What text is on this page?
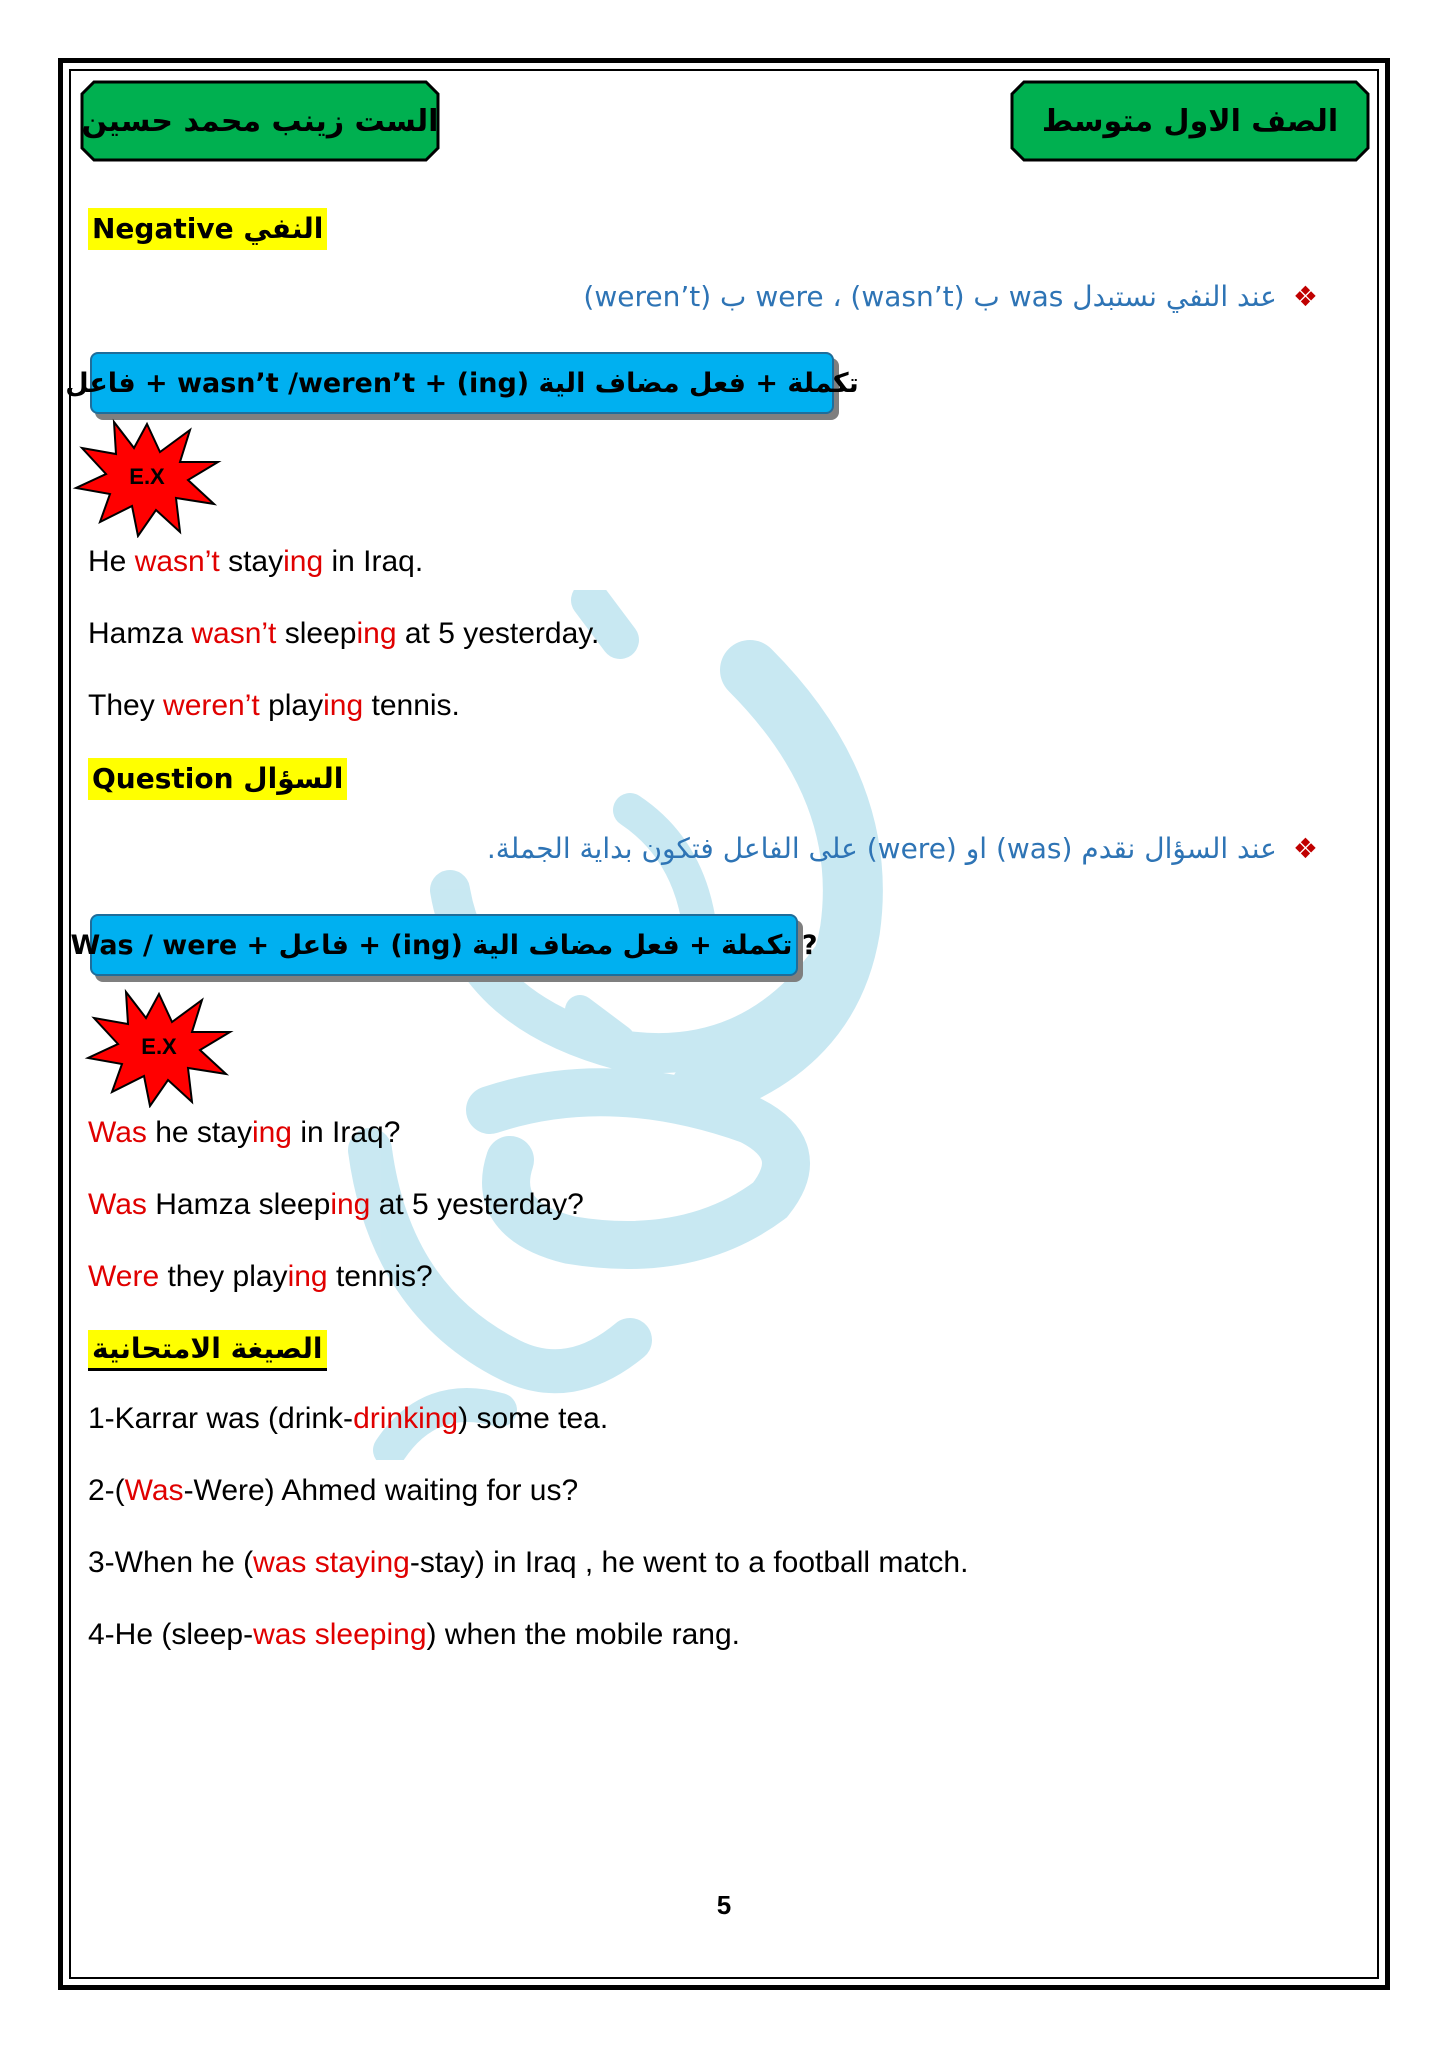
الست زينب محمد حسين	الصف الاول متوسط
Negative النفي
❖عند النفي نستبدل was ب (wasn’t) ، were ب (weren’t)
تكملة + فعل مضاف الية (ing) + wasn’t /weren’t + فاعل
E.X
He wasn’t staying in Iraq.
Hamza wasn’t sleeping at 5 yesterday.
They weren’t playing tennis.
Question السؤال
❖عند السؤال نقدم (was) او (were) على الفاعل فتكون بداية الجملة.
? تكملة + فعل مضاف الية (ing) + فاعل + Was / were
E.X
Was he staying in Iraq?
Was Hamza sleeping at 5 yesterday?
Were they playing tennis?
الصيغة الامتحانية
1-Karrar was (drink-drinking) some tea.
2-(Was-Were) Ahmed waiting for us?
3-When he (was staying-stay) in Iraq , he went to a football match.
4-He (sleep-was sleeping) when the mobile rang.
5
